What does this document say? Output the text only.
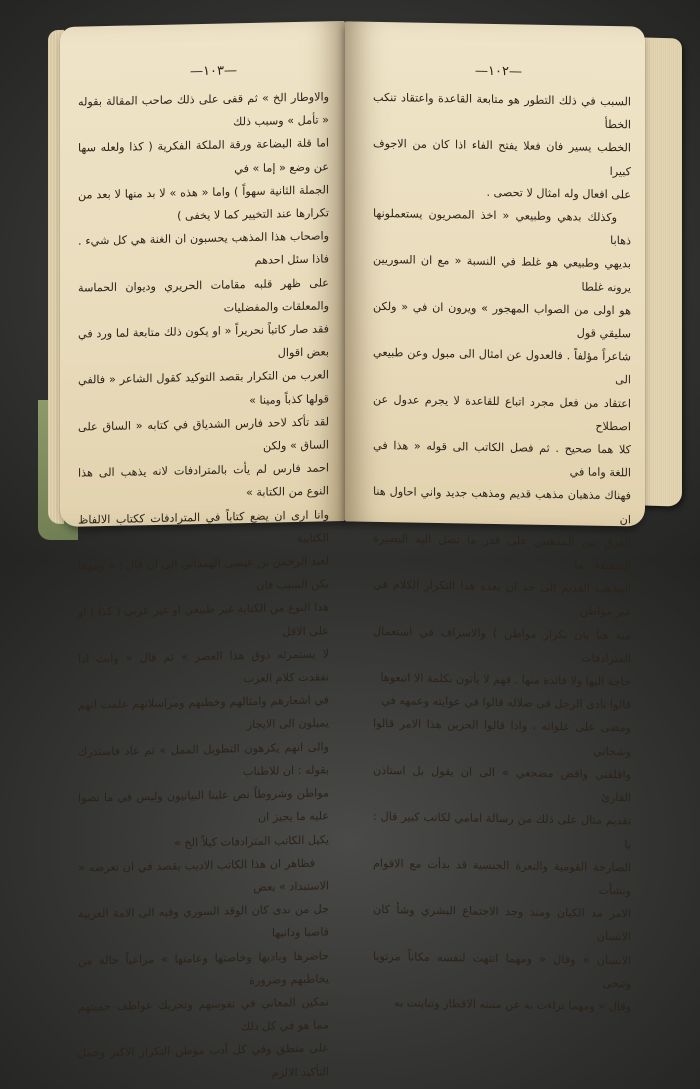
—١٠٣—

والاوطار الخ » ثم قفى على ذلك صاحب المقالة بقوله « تأمل » وسبب ذلك

اما قلة البضاعة ورقة الملكة الفكرية ( كذا ولعله سها عن وضع « إما » في

الجملة الثانية سهواً ) واما « هذه » لا بد منها لا بعد من تكرارها عند التخيير كما لا يخفى )

واصحاب هذا المذهب يحسبون ان الغنة هي كل شيء . فاذا سئل احدهم

على ظهر قلبه مقامات الحريري وديوان الحماسة والمعلقات والمفضليات

فقد صار كاتباً نحريراً « او يكون ذلك متابعة لما ورد في بعض اقوال

العرب من التكرار بقصد التوكيد كقول الشاعر « فالفي قولها كذباً ومينا »

لقد تأكد لاحد فارس الشدياق في كتابه « الساق على الساق » ولكن

احمد فارس لم يأت بالمترادفات لانه يذهب الى هذا النوع من الكتابة »

وانا ارى ان يضع كتاباً في المترادفات ككتاب الالفاظ الكتابية

لعبد الرحمن بن عيسى الهمذاني الى ان قال : « ومهما يكن السبب فان

هذا النوع من الكتابة غير طبيعي او غير عربي ( كذا ) او على الاقل

لا يستمرئه ذوق هذا العصر » ثم قال « وانت اذا تفقدت كلام العرب

في اشعارهم وامثالهم وخطبهم ومراسلاتهم علمت انهم يميلون الى الايجاز

والى انهم يكرهون التطويل الممل » ثم عاد فاستدرك بقوله : ان للاطناب

مواطن وشروطاً نص علينا البيانيون وليس في ما نصوا عليه ما يجيز ان

يكيل الكاتب المترادفات كيلاً الخ »

فظاهر ان هذا الكاتب الاديب يقصد في ان تعرضه « الاستبداد » بعض

جل من ندى كان الوقد السوري وفيه الى الامة العربية قاصبا ودانيها

حاضرها وباديها وخاصتها وعامتها » مراعياً حالة من يخاطبهم وضرورة

تمكين المعاني في نفوسهم وتحريك عواطف حميتهم مما هو في كل ذلك

على منطق وفي كل أدب موطن التكرار الاكبر وحمل التأكيد الالزم

—١٠٢—

السبب في ذلك التطور هو متابعة القاعدة واعتقاد تنكب الخطأ

الخطب يسير فان فعلا يفتح الفاء اذا كان من الاجوف كبيرا

على افعال وله امثال لا تحصى .

وكذلك بدهي وطبيعي « اخذ المصريون يستعملونها ذهابا

بديهي وطبيعي هو غلط في النسبة « مع ان السوريين يرونه غلطا

هو اولى من الصواب المهجور » ويرون ان في « ولكن سليقي قول

شاعراً مؤلفاً . فالعدول عن امثال الى مبول وعن طبيعي الى

اعتقاد من فعل مجرد اتباع للقاعدة لا يجرم عدول عن اصطلاح

كلا هما صحيح . ثم فصل الكاتب الى قوله « هذا في اللغة واما في

فهناك مذهبان مذهب قديم ومذهب جديد واني احاول هنا ان

الفرق بين المذهبين على قدر ما تصل اليه البصيرة الضعيفة . ما

المذهب القديم الى حد ان يعده هذا التكرار الكلام في غير مواطن

منه هنا بان تكرار مواطن ) والاسراف في استعمال المترادفات

حاجة اليها ولا فائدة منها . فهم لا يأتون بكلمة الا اتبعوها

قالوا نادى الرجل في ضلاله قالوا في عوايته وعمهه في

ومضى على علواته ، واذا قالوا الحزين هذا الامر قالوا وشجاني

واقلقني واقض مضجعي » الى ان يقول بل استاذن القارئ

تقديم مثال على ذلك من رسالة امامي لكاتب كبير قال : يا

الصارخة القومية والنعرة الجنسية قد بدأت مع الاقوام ونشأت

الامر مذ الكيان ومنذ وجد الاجتماع البشري وشأ كان الانسان

الانسان » وقال « ومهما انتهت لنفسه مكاناً مرتويا وتنحى

وقال « ومهما تراءت به عن منبته الاقطار وتباينت به
